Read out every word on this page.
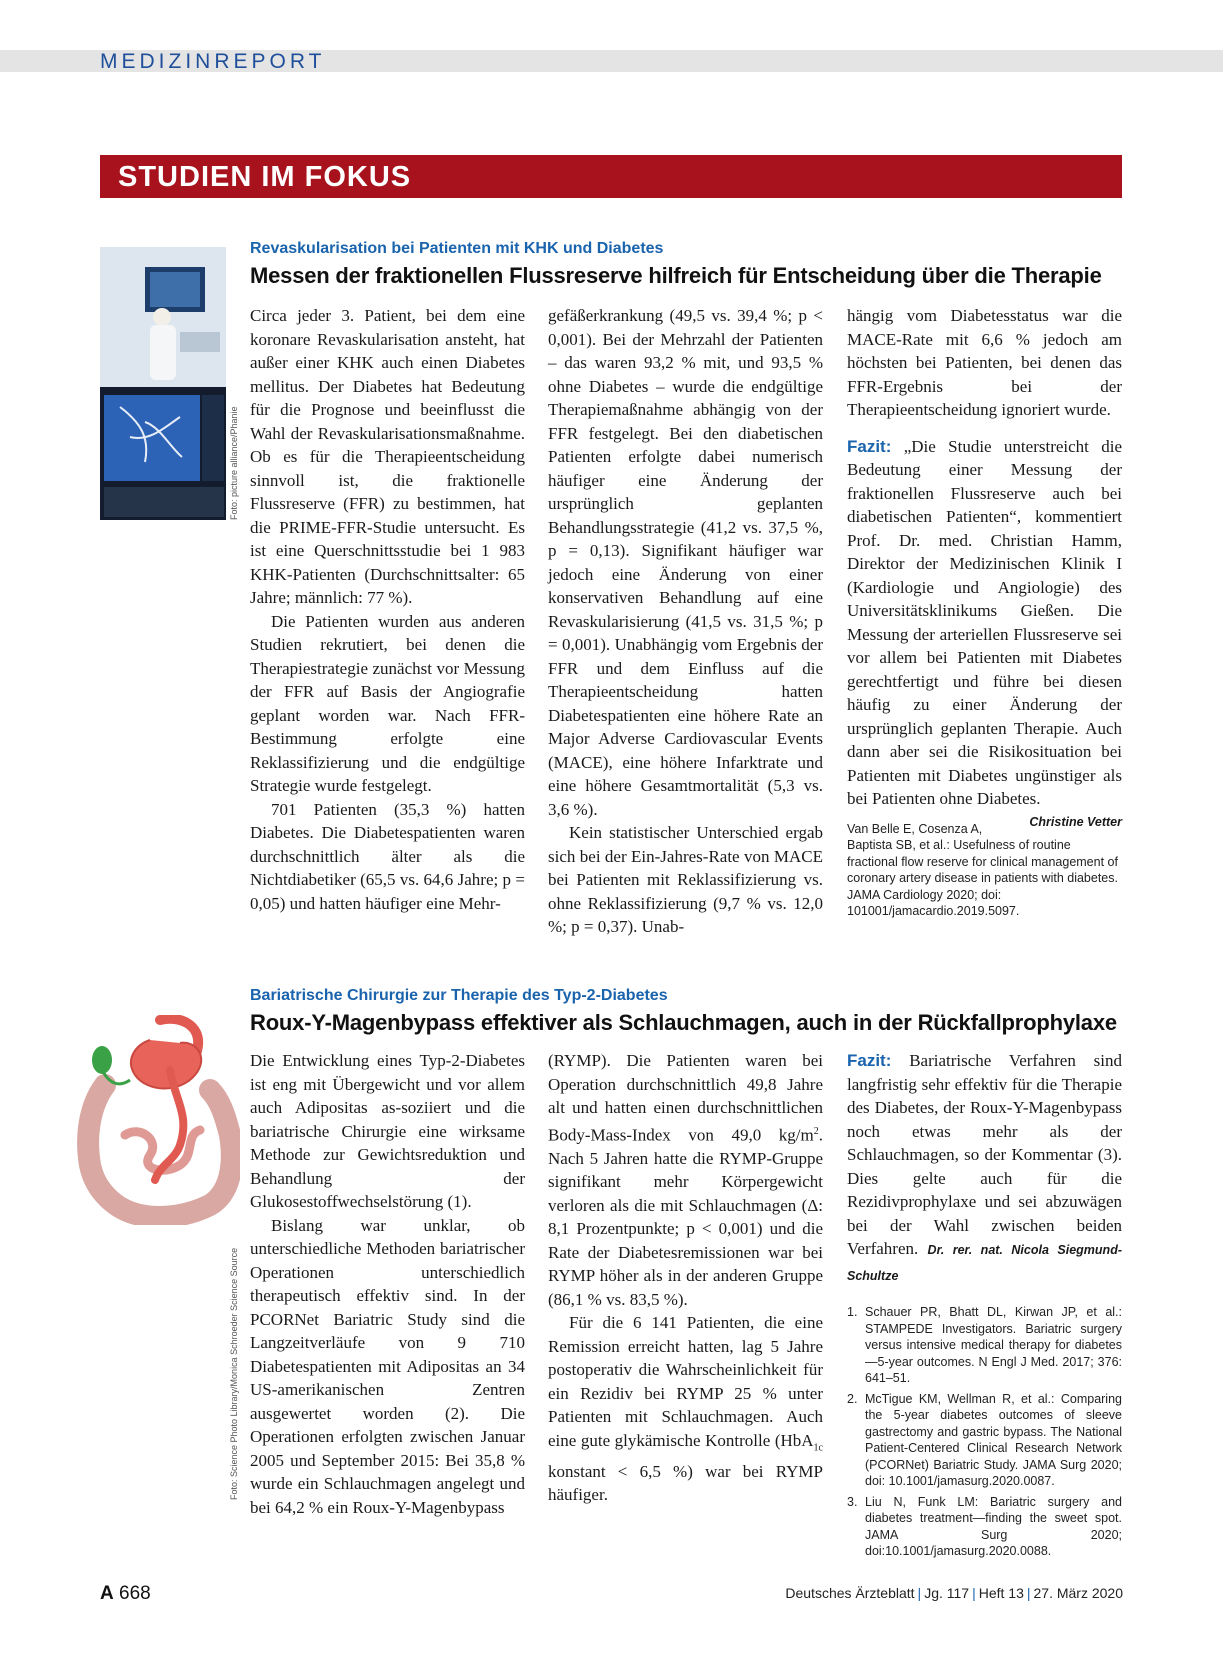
MEDIZINREPORT
STUDIEN IM FOKUS
Foto: picture alliance/Phanie
Revaskularisation bei Patienten mit KHK und Diabetes
Messen der fraktionellen Flussreserve hilfreich für Entscheidung über die Therapie

Circa jeder 3. Patient, bei dem eine koronare Revaskularisation ansteht, hat außer einer KHK auch einen Diabetes mellitus. Der Diabetes hat Bedeutung für die Prognose und beeinflusst die Wahl der Revaskularisationsmaßnahme. Ob es für die Therapieentscheidung sinnvoll ist, die fraktionelle Flussreserve (FFR) zu bestimmen, hat die PRIME-FFR-Studie untersucht. Es ist eine Querschnittsstudie bei 1 983 KHK-Patienten (Durchschnittsalter: 65 Jahre; männlich: 77 %).

Die Patienten wurden aus anderen Studien rekrutiert, bei denen die Therapiestrategie zunächst vor Messung der FFR auf Basis der Angiografie geplant worden war. Nach FFR-Bestimmung erfolgte eine Reklassifizierung und die endgültige Strategie wurde festgelegt.

701 Patienten (35,3 %) hatten Diabetes. Die Diabetespatienten waren durchschnittlich älter als die Nichtdiabetiker (65,5 vs. 64,6 Jahre; p = 0,05) und hatten häufiger eine Mehr-

gefäßerkrankung (49,5 vs. 39,4 %; p < 0,001). Bei der Mehrzahl der Patienten – das waren 93,2 % mit, und 93,5 % ohne Diabetes – wurde die endgültige Therapiemaßnahme abhängig von der FFR festgelegt. Bei den diabetischen Patienten erfolgte dabei numerisch häufiger eine Änderung der ursprünglich geplanten Behandlungsstrategie (41,2 vs. 37,5 %, p = 0,13). Signifikant häufiger war jedoch eine Änderung von einer konservativen Behandlung auf eine Revaskularisierung (41,5 vs. 31,5 %; p = 0,001). Unabhängig vom Ergebnis der FFR und dem Einfluss auf die Therapieentscheidung hatten Diabetespatienten eine höhere Rate an Major Adverse Cardiovascular Events (MACE), eine höhere Infarktrate und eine höhere Gesamtmortalität (5,3 vs. 3,6 %).

Kein statistischer Unterschied ergab sich bei der Ein-Jahres-Rate von MACE bei Patienten mit Reklassifizierung vs. ohne Reklassifizierung (9,7 % vs. 12,0 %; p = 0,37). Unab-

hängig vom Diabetesstatus war die MACE-Rate mit 6,6 % jedoch am höchsten bei Patienten, bei denen das FFR-Ergebnis bei der Therapieentscheidung ignoriert wurde.

Fazit: „Die Studie unterstreicht die Bedeutung einer Messung der fraktionellen Flussreserve auch bei diabetischen Patienten“, kommentiert Prof. Dr. med. Christian Hamm, Direktor der Medizinischen Klinik I (Kardiologie und Angiologie) des Universitätsklinikums Gießen. Die Messung der arteriellen Flussreserve sei vor allem bei Patienten mit Diabetes gerechtfertigt und führe bei diesen häufig zu einer Änderung der ursprünglich geplanten Therapie. Auch dann aber sei die Risikosituation bei Patienten mit Diabetes ungünstiger als bei Patienten ohne Diabetes.
Christine Vetter

Van Belle E, Cosenza A, Baptista SB, et al.: Usefulness of routine fractional flow reserve for clinical management of coronary artery disease in patients with diabetes. JAMA Cardiology 2020; doi: 101001/jamacardio.2019.5097.

Foto: Science Photo Library/Monica Schroeder Science Source
Bariatrische Chirurgie zur Therapie des Typ-2-Diabetes
Roux-Y-Magenbypass effektiver als Schlauchmagen, auch in der Rückfallprophylaxe

Die Entwicklung eines Typ-2-Diabetes ist eng mit Übergewicht und vor allem auch Adipositas as-soziiert und die bariatrische Chirurgie eine wirksame Methode zur Gewichtsreduktion und Behandlung der Glukosestoffwechselstörung (1).

Bislang war unklar, ob unterschiedliche Methoden bariatrischer Operationen unterschiedlich therapeutisch effektiv sind. In der PCORNet Bariatric Study sind die Langzeitverläufe von 9 710 Diabetespatienten mit Adipositas an 34 US-amerikanischen Zentren ausgewertet worden (2). Die Operationen erfolgten zwischen Januar 2005 und September 2015: Bei 35,8 % wurde ein Schlauchmagen angelegt und bei 64,2 % ein Roux-Y-Magenbypass

(RYMP). Die Patienten waren bei Operation durchschnittlich 49,8 Jahre alt und hatten einen durchschnittlichen Body-Mass-Index von 49,0 $kg/m^2$. Nach 5 Jahren hatte die RYMP-Gruppe signifikant mehr Körpergewicht verloren als die mit Schlauchmagen (Δ: 8,1 Prozentpunkte; p < 0,001) und die Rate der Diabetesremissionen war bei RYMP höher als in der anderen Gruppe (86,1 % vs. 83,5 %).

Für die 6 141 Patienten, die eine Remission erreicht hatten, lag 5 Jahre postoperativ die Wahrscheinlichkeit für ein Rezidiv bei RYMP 25 % unter Patienten mit Schlauchmagen. Auch eine gute glykämische Kontrolle (HbA$_{1c}$ konstant < 6,5 %) war bei RYMP häufiger.

Fazit: Bariatrische Verfahren sind langfristig sehr effektiv für die Therapie des Diabetes, der Roux-Y-Magenbypass noch etwas mehr als der Schlauchmagen, so der Kommentar (3). Dies gelte auch für die Rezidivprophylaxe und sei abzuwägen bei der Wahl zwischen beiden Verfahren. Dr. rer. nat. Nicola Siegmund-Schultze

1. Schauer PR, Bhatt DL, Kirwan JP, et al.: STAMPEDE Investigators. Bariatric surgery versus intensive medical therapy for diabetes—5-year outcomes. N Engl J Med. 2017; 376: 641–51.
2. McTigue KM, Wellman R, et al.: Comparing the 5-year diabetes outcomes of sleeve gastrectomy and gastric bypass. The National Patient-Centered Clinical Research Network (PCORNet) Bariatric Study. JAMA Surg 2020; doi: 10.1001/jamasurg.2020.0087.
3. Liu N, Funk LM: Bariatric surgery and diabetes treatment—finding the sweet spot. JAMA Surg 2020; doi:10.1001/jamasurg.2020.0088.
A 668	Deutsches Ärzteblatt | Jg. 117 | Heft 13 | 27. März 2020
